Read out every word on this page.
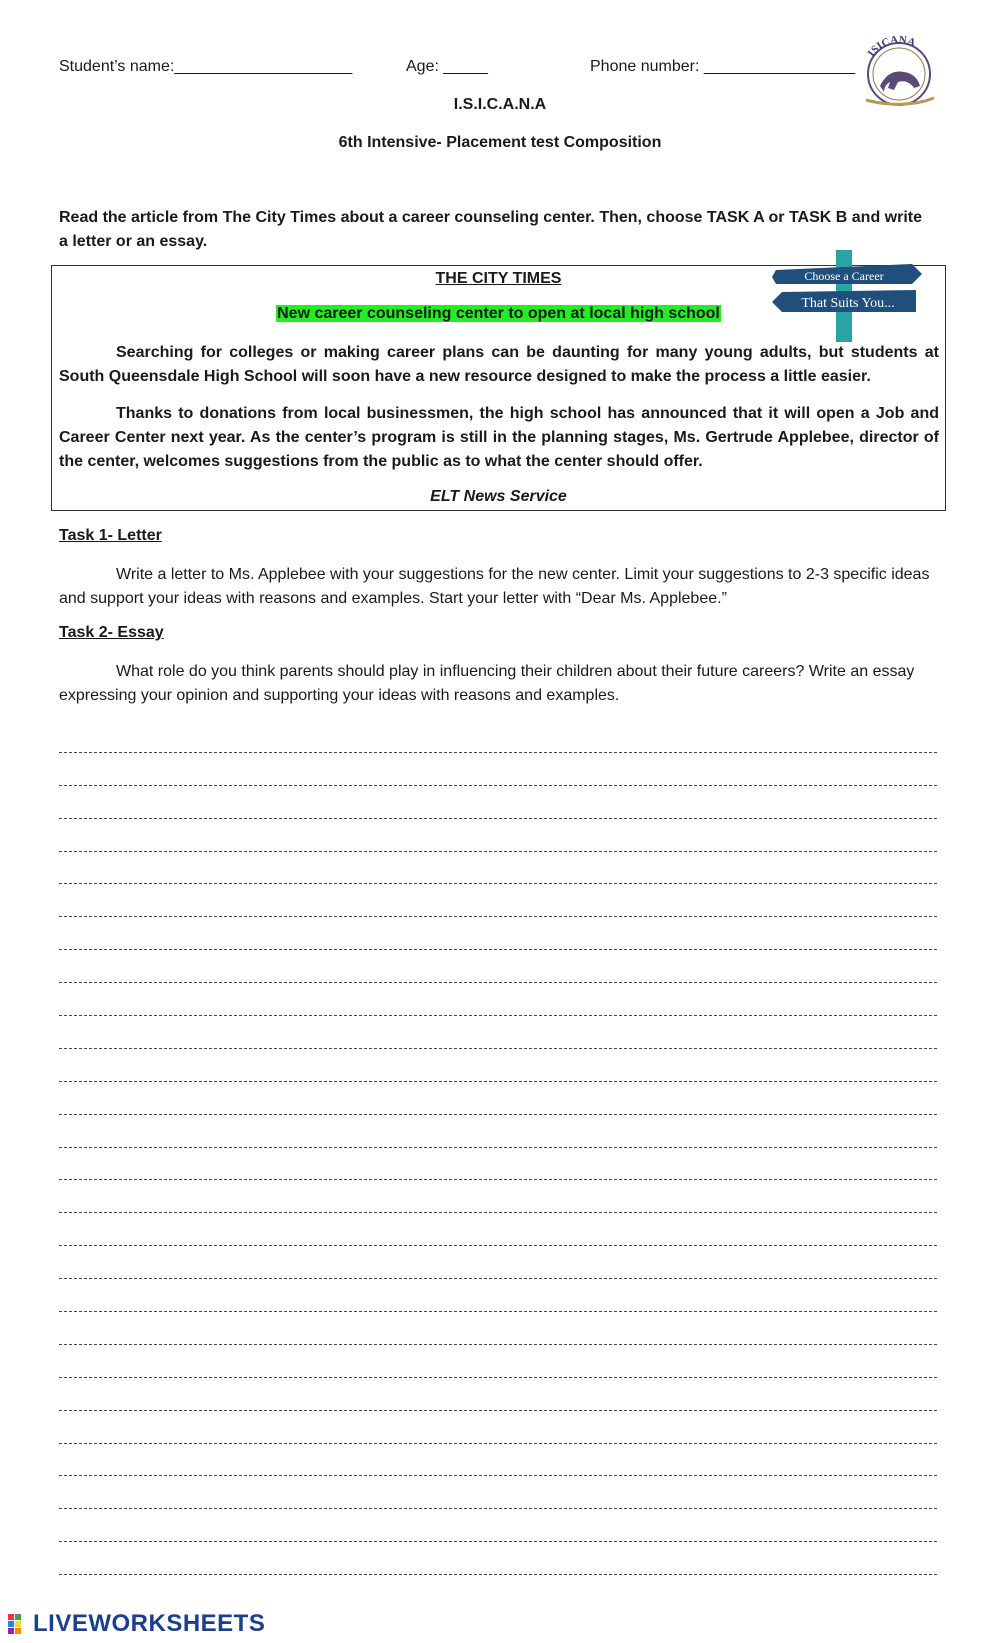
Student’s name:____________________	Age: _____	Phone number: _________________
ISICANA
I.S.I.C.A.N.A
6th Intensive- Placement test Composition
Read the article from The City Times about a career counseling center. Then, choose TASK A or TASK B and write a letter or an essay.
THE CITY TIMES
New career counseling center to open at local high school
Choose a Career
That Suits You...
Searching for colleges or making career plans can be daunting for many young adults, but students at South Queensdale High School will soon have a new resource designed to make the process a little easier.
Thanks to donations from local businessmen, the high school has announced that it will open a Job and Career Center next year. As the center’s program is still in the planning stages, Ms. Gertrude Applebee, director of the center, welcomes suggestions from the public as to what the center should offer.
ELT News Service
Task 1- Letter
Write a letter to Ms. Applebee with your suggestions for the new center. Limit your suggestions to 2-3 specific ideas and support your ideas with reasons and examples. Start your letter with “Dear Ms. Applebee.”
Task 2- Essay
What role do you think parents should play in influencing their children about their future careers? Write an essay expressing your opinion and supporting your ideas with reasons and examples.
LIVEWORKSHEETS
